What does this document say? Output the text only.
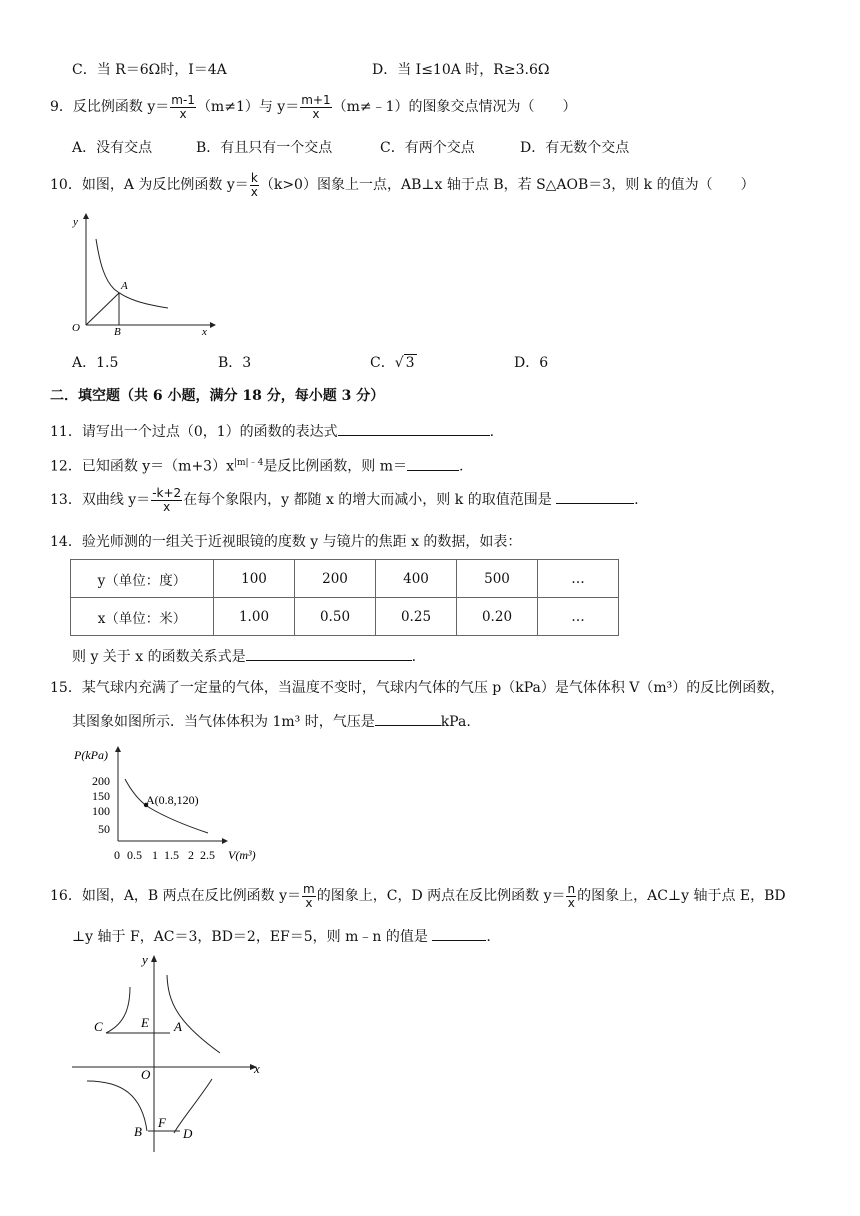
C．当 R＝6Ω时，I＝4A	D．当 I≤10A 时，R≥3.6Ω
9．反比例函数 $y= \frac{m-1}{x} (m\ne 1)$与 $y= \frac{m+1}{x}$ （m≠﹣1）的图象交点情况为（　　）
A．没有交点	B．有且只有一个交点	C．有两个交点	D．有无数个交点
10．如图，A 为反比例函数 $y= \frac{k}{x} (k>0)$图象上一点，AB⊥x 轴于点 B，若 S△AOB＝3，则 k 的值为（　　）
y
x
O
A
B
A．1.5	B．3	C．√ 3	D．6
二．填空题（共 6 小题，满分 18 分，每小题 3 分）
11．请写出一个过点（0，1）的函数的表达式	.
12．已知函数 $y=(m+3)x^{|m|﹣4}$是反比例函数，则 m＝	.
13．双曲线 $y= \frac{-k+2}{x}$ 在每个象限内，y 都随 x 的增大而减小，则 k 的取值范围是	.
14．验光师测的一组关于近视眼镜的度数 y 与镜片的焦距 x 的数据，如表：
y（单位：度）	100	200	400	500	…
x（单位：米）	1.00	0.50	0.25	0.20	…
则 y 关于 x 的函数关系式是	.
15．某气球内充满了一定量的气体，当温度不变时，气球内气体的气压 p（kPa）是气体体积 V（m³）的反比例函数，
其图象如图所示．当气体体积为 1m³ 时，气压是	kPa.
P(kPa)
V(m³)
200
150
100
50
0 0.5 1 1.5 2 2.5
A(0.8,120)
16．如图，A，B 两点在反比例函数 $y= \frac{m}{x}$ 的图象上，C，D 两点在反比例函数 $y= \frac{n}{x}$ 的图象上，AC⊥y 轴于点 E，BD
⊥y 轴于 F，AC＝3，BD＝2，EF＝5，则 m﹣n 的值是	.
y
x
O
A
C	E
B
F
D
